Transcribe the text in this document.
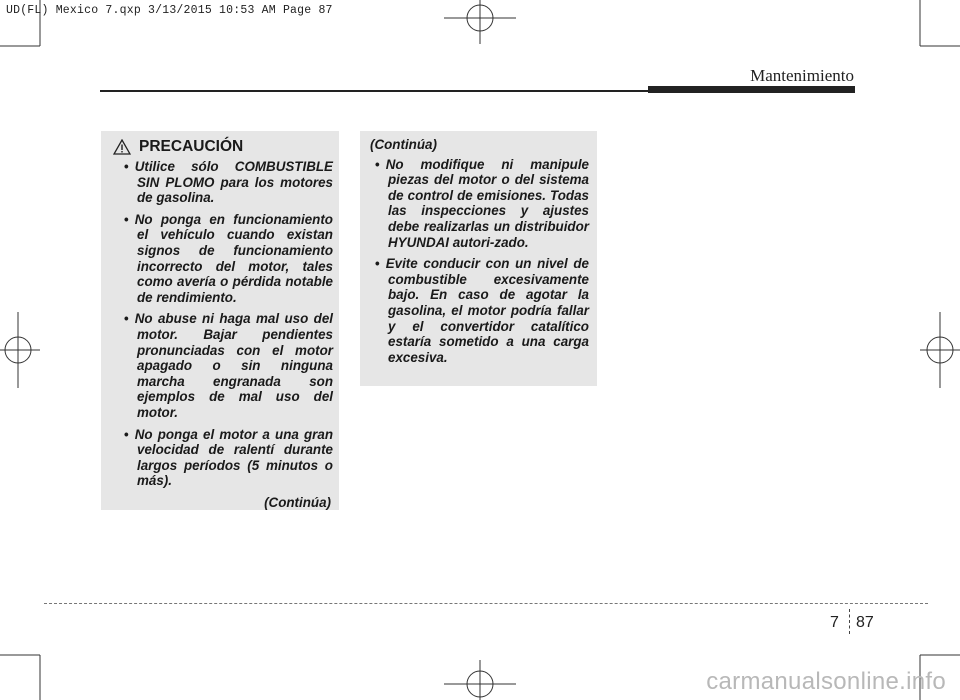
UD(FL) Mexico 7.qxp 3/13/2015 10:53 AM Page 87
Mantenimiento
PRECAUCIÓN
• Utilice sólo COMBUSTIBLE SIN PLOMO para los motores de gasolina.
• No ponga en funcionamiento el vehículo cuando existan signos de funcionamiento incorrecto del motor, tales como avería o pérdida notable de rendimiento.
• No abuse ni haga mal uso del motor. Bajar pendientes pronunciadas con el motor apagado o sin ninguna marcha engranada son ejemplos de mal uso del motor.
• No ponga el motor a una gran velocidad de ralentí durante largos períodos (5 minutos o más).
(Continúa)
(Continúa)
• No modifique ni manipule piezas del motor o del sistema de control de emisiones. Todas las inspecciones y ajustes debe realizarlas un distribuidor HYUNDAI autori-zado.
• Evite conducir con un nivel de combustible excesivamente bajo. En caso de agotar la gasolina, el motor podría fallar y el convertidor catalítico estaría sometido a una carga excesiva.
7 87
carmanualsonline.info
